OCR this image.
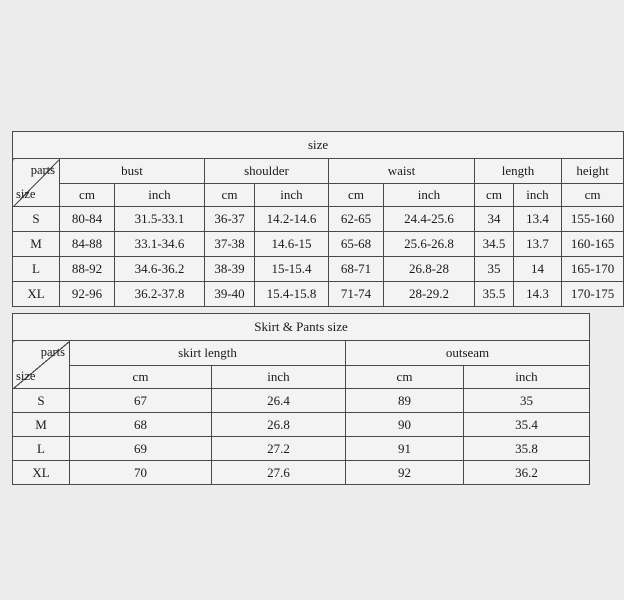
size									

parts
size	bust		shoulder		waist		length		height
	cm	inch	cm	inch	cm	inch	cm	inch	cm
S	80-84	31.5-33.1	36-37	14.2-14.6	62-65	24.4-25.6	34	13.4	155-160
M	84-88	33.1-34.6	37-38	14.6-15	65-68	25.6-26.8	34.5	13.7	160-165
L	88-92	34.6-36.2	38-39	15-15.4	68-71	26.8-28	35	14	165-170
XL	92-96	36.2-37.8	39-40	15.4-15.8	71-74	28-29.2	35.5	14.3	170-175
Skirt & Pants size				

parts
size	skirt length		outseam	
	cm	inch	cm	inch
S	67	26.4	89	35
M	68	26.8	90	35.4
L	69	27.2	91	35.8
XL	70	27.6	92	36.2
